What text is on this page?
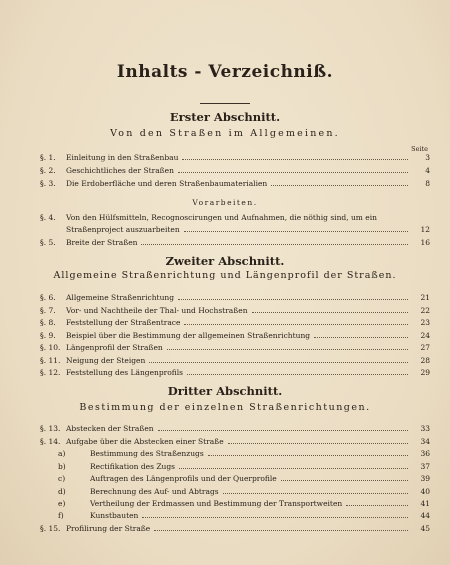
Inhalts - Verzeichniß.
Erster Abschnitt.
Von den Straßen im Allgemeinen.
Seite
§. 1.	Einleitung in den Straßenbau	3
§. 2.	Geschichtliches der Straßen	4
§. 3.	Die Erdoberfläche und deren Straßenbaumaterialien	8
Vorarbeiten.
§. 4.	Von den Hülfsmitteln, Recognoscirungen und Aufnahmen, die nöthig sind, um ein
Straßenproject auszuarbeiten	12
§. 5.	Breite der Straßen	16
Zweiter Abschnitt.
Allgemeine Straßenrichtung und Längenprofil der Straßen.
§. 6.	Allgemeine Straßenrichtung	21
§. 7.	Vor- und Nachtheile der Thal- und Hochstraßen	22
§. 8.	Feststellung der Straßentrace	23
§. 9.	Beispiel über die Bestimmung der allgemeinen Straßenrichtung	24
§. 10. Längenprofil der Straßen	27
§. 11. Neigung der Steigen	28
§. 12. Feststellung des Längenprofils	29
Dritter Abschnitt.
Bestimmung der einzelnen Straßenrichtungen.
§. 13. Abstecken der Straßen	33
§. 14. Aufgabe über die Abstecken einer Straße	34
a)	Bestimmung des Straßenzugs	36
b)	Rectifikation des Zugs	37
c)	Auftragen des Längenprofils und der Querprofile	39
d)	Berechnung des Auf- und Abtrags	40
e)	Vertheilung der Erdmassen und Bestimmung der Transportweiten	41
f)	Kunstbauten	44
§. 15. Profilirung der Straße	45
